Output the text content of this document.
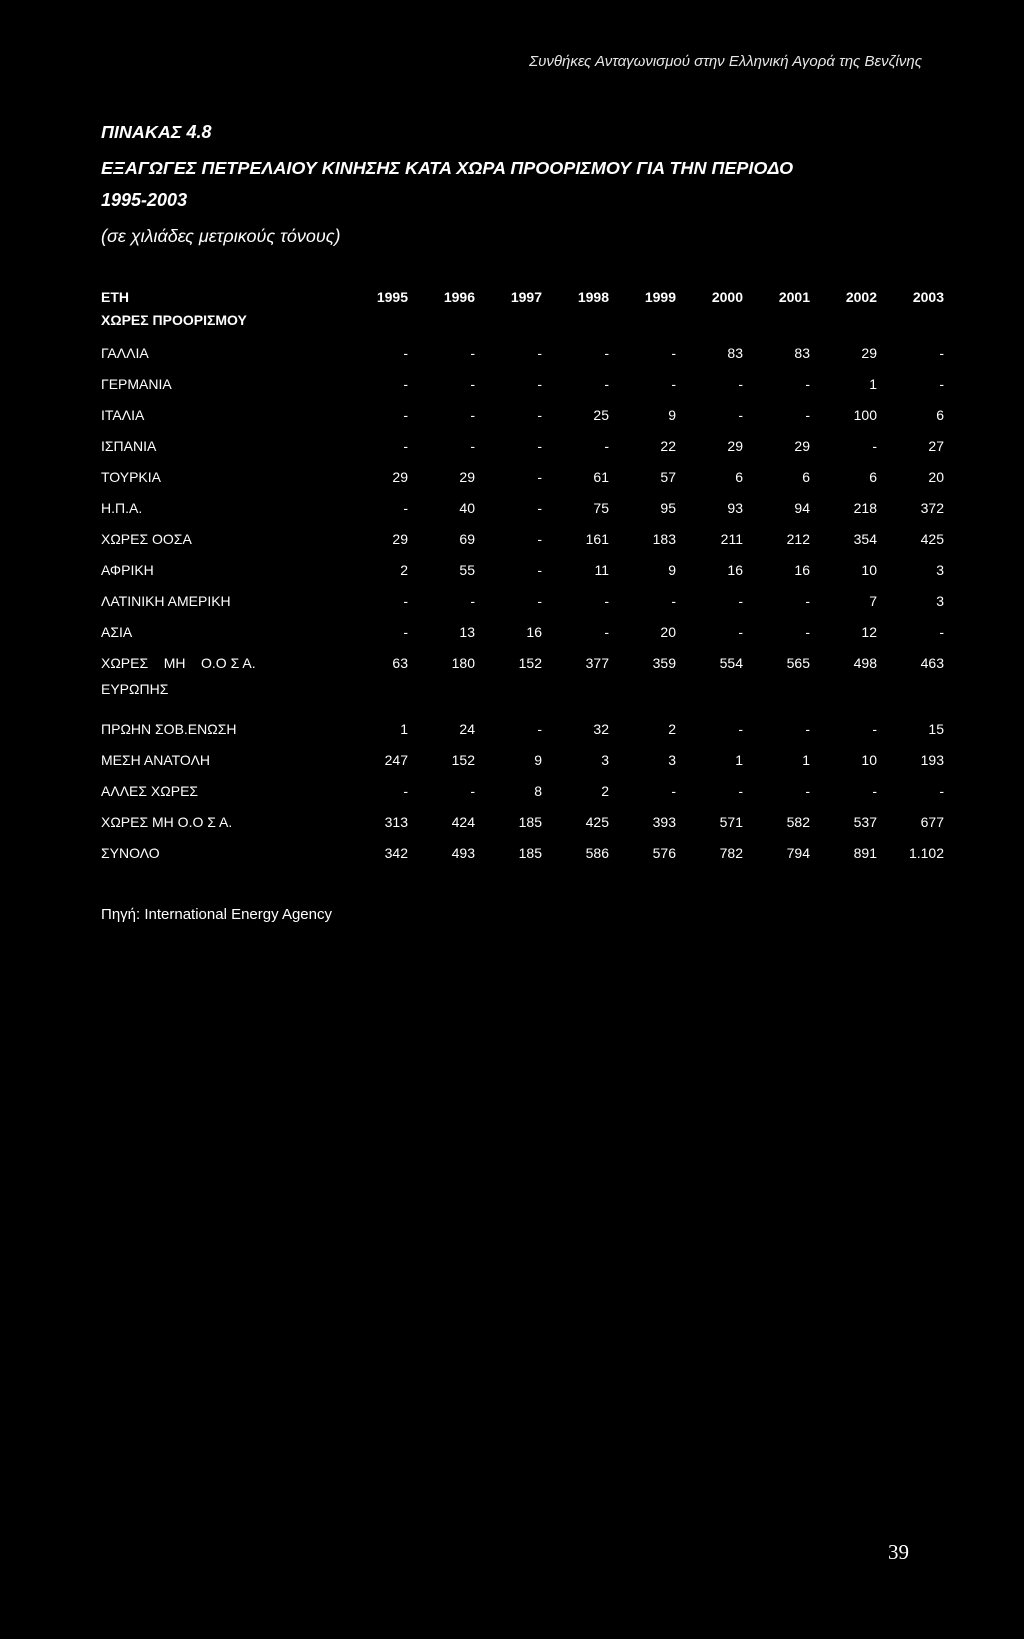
Συνθήκες Ανταγωνισμού στην Ελληνική Αγορά της Βενζίνης
ΠΙΝΑΚΑΣ 4.8
ΕΞΑΓΩΓΕΣ ΠΕΤΡΕΛΑΙΟΥ ΚΙΝΗΣΗΣ ΚΑΤΑ ΧΩΡΑ ΠΡΟΟΡΙΣΜΟΥ ΓΙΑ ΤΗΝ ΠΕΡΙΟΔΟ
1995-2003
(σε χιλιάδες μετρικούς τόνους)
ΕΤΗ	1995	1996	1997	1998	1999	2000	2001	2002	2003
ΧΩΡΕΣ ΠΡΟΟΡΙΣΜΟΥ									
ΓΑΛΛΙΑ	-	-	-	-	-	83	83	29	-
ΓΕΡΜΑΝΙΑ	-	-	-	-	-	-	-	1	-
ΙΤΑΛΙΑ	-	-	-	25	9	-	-	100	6
ΙΣΠΑΝΙΑ	-	-	-	-	22	29	29	-	27
ΤΟΥΡΚΙΑ	29	29	-	61	57	6	6	6	20
Η.Π.Α.	-	40	-	75	95	93	94	218	372
ΧΩΡΕΣ ΟΟΣΑ	29	69	-	161	183	211	212	354	425
ΑΦΡΙΚΗ	2	55	-	11	9	16	16	10	3
ΛΑΤΙΝΙΚΗ ΑΜΕΡΙΚΗ	-	-	-	-	-	-	-	7	3
ΑΣΙΑ	-	13	16	-	20	-	-	12	-

ΧΩΡΕΣ    ΜΗ    Ο.Ο Σ Α.
ΕΥΡΩΠΗΣ	63	180	152	377	359	554	565	498	463
ΠΡΩΗΝ ΣΟΒ.ΕΝΩΣΗ	1	24	-	32	2	-	-	-	15
ΜΕΣΗ ΑΝΑΤΟΛΗ	247	152	9	3	3	1	1	10	193
ΑΛΛΕΣ ΧΩΡΕΣ	-	-	8	2	-	-	-	-	-
ΧΩΡΕΣ ΜΗ Ο.Ο Σ Α.	313	424	185	425	393	571	582	537	677
ΣΥΝΟΛΟ	342	493	185	586	576	782	794	891	1.102
Πηγή: International Energy Agency
39
